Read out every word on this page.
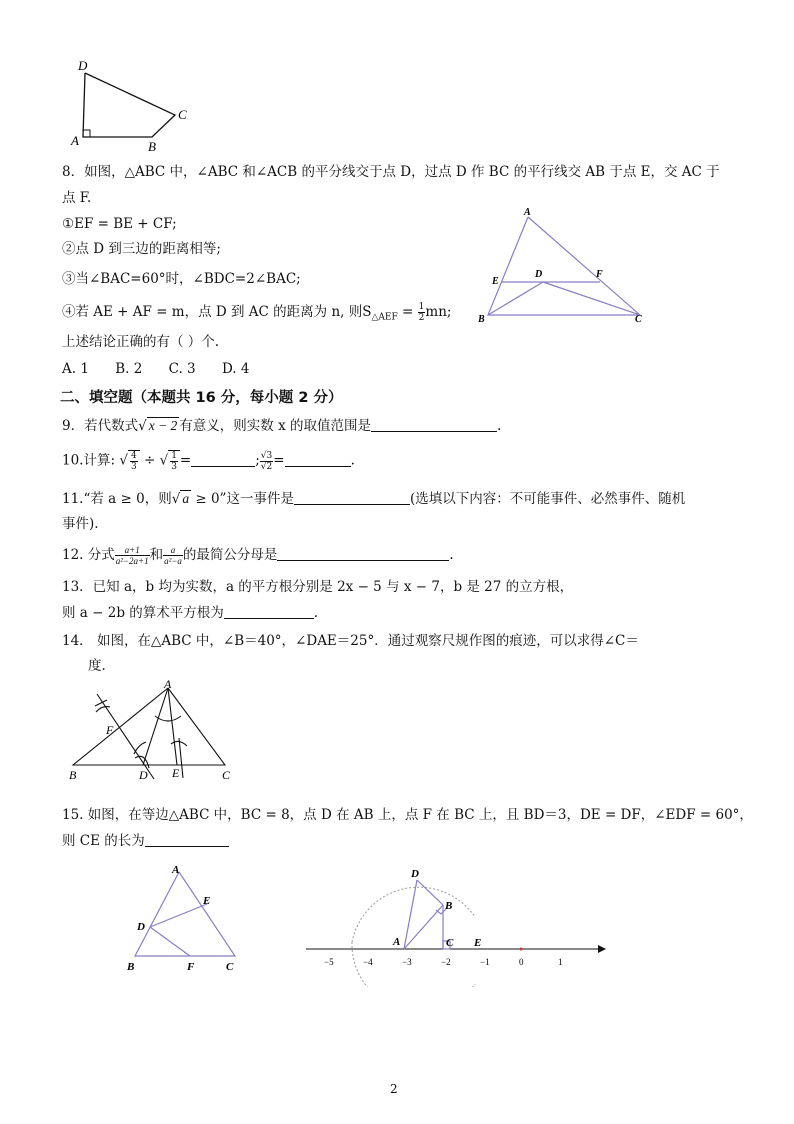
D
A	B
C
8．如图，△ABC 中，∠ABC 和∠ACB 的平分线交于点 D，过点 D 作 BC 的平行线交 AB 于点 E，交 AC 于
点 F.
①EF = BE + CF;
②点 D 到三边的距离相等;
③当∠BAC=60°时，∠BDC=2∠BAC;
④若 AE + AF = m，点 D 到 AC 的距离为 n, 则$S_{\triangle AEF} = \frac{1}{2}$ mn;
上述结论正确的有（ ）个.
A. 1 B. 2 C. 3 D. 4
A
B	C
D
E
F
二、填空题（本题共 16 分，每小题 2 分）
9．若代数式√ x − 2 有意义，则实数 x 的取值范围是	.
10.计算: √ $\frac{4}{3}$ ÷ √ $\frac{1}{3}$ =	; $\frac{√3}{√2}$ =	.
11.“若 a ≥ 0，则√ a ≥ 0”这一事件是	(选填以下内容：不可能事件、必然事件、随机
事件).
12. 分式 $\frac{a+1}{\text{a²−2a+1}}$ 和 $\frac{a}{\text{a²−a}}$ 的最简公分母是	.
13．已知 a，b 均为实数，a 的平方根分别是 2x − 5 与 x − 7，b 是 27 的立方根，
则 a − 2b 的算术平方根为	.
14． 如图，在△ABC 中，∠B＝40°，∠DAE＝25°．通过观察尺规作图的痕迹，可以求得∠C＝
度.
A
B	C
D E
F
15. 如图，在等边△ABC 中，BC = 8，点 D 在 AB 上，点 F 在 BC 上，且 BD＝3，DE = DF，∠EDF = 60°，
则 CE 的长为
A
B	C
D
E
F	−5	−4	−3	−2	−1	0	1
A
B
C
D
E
2
